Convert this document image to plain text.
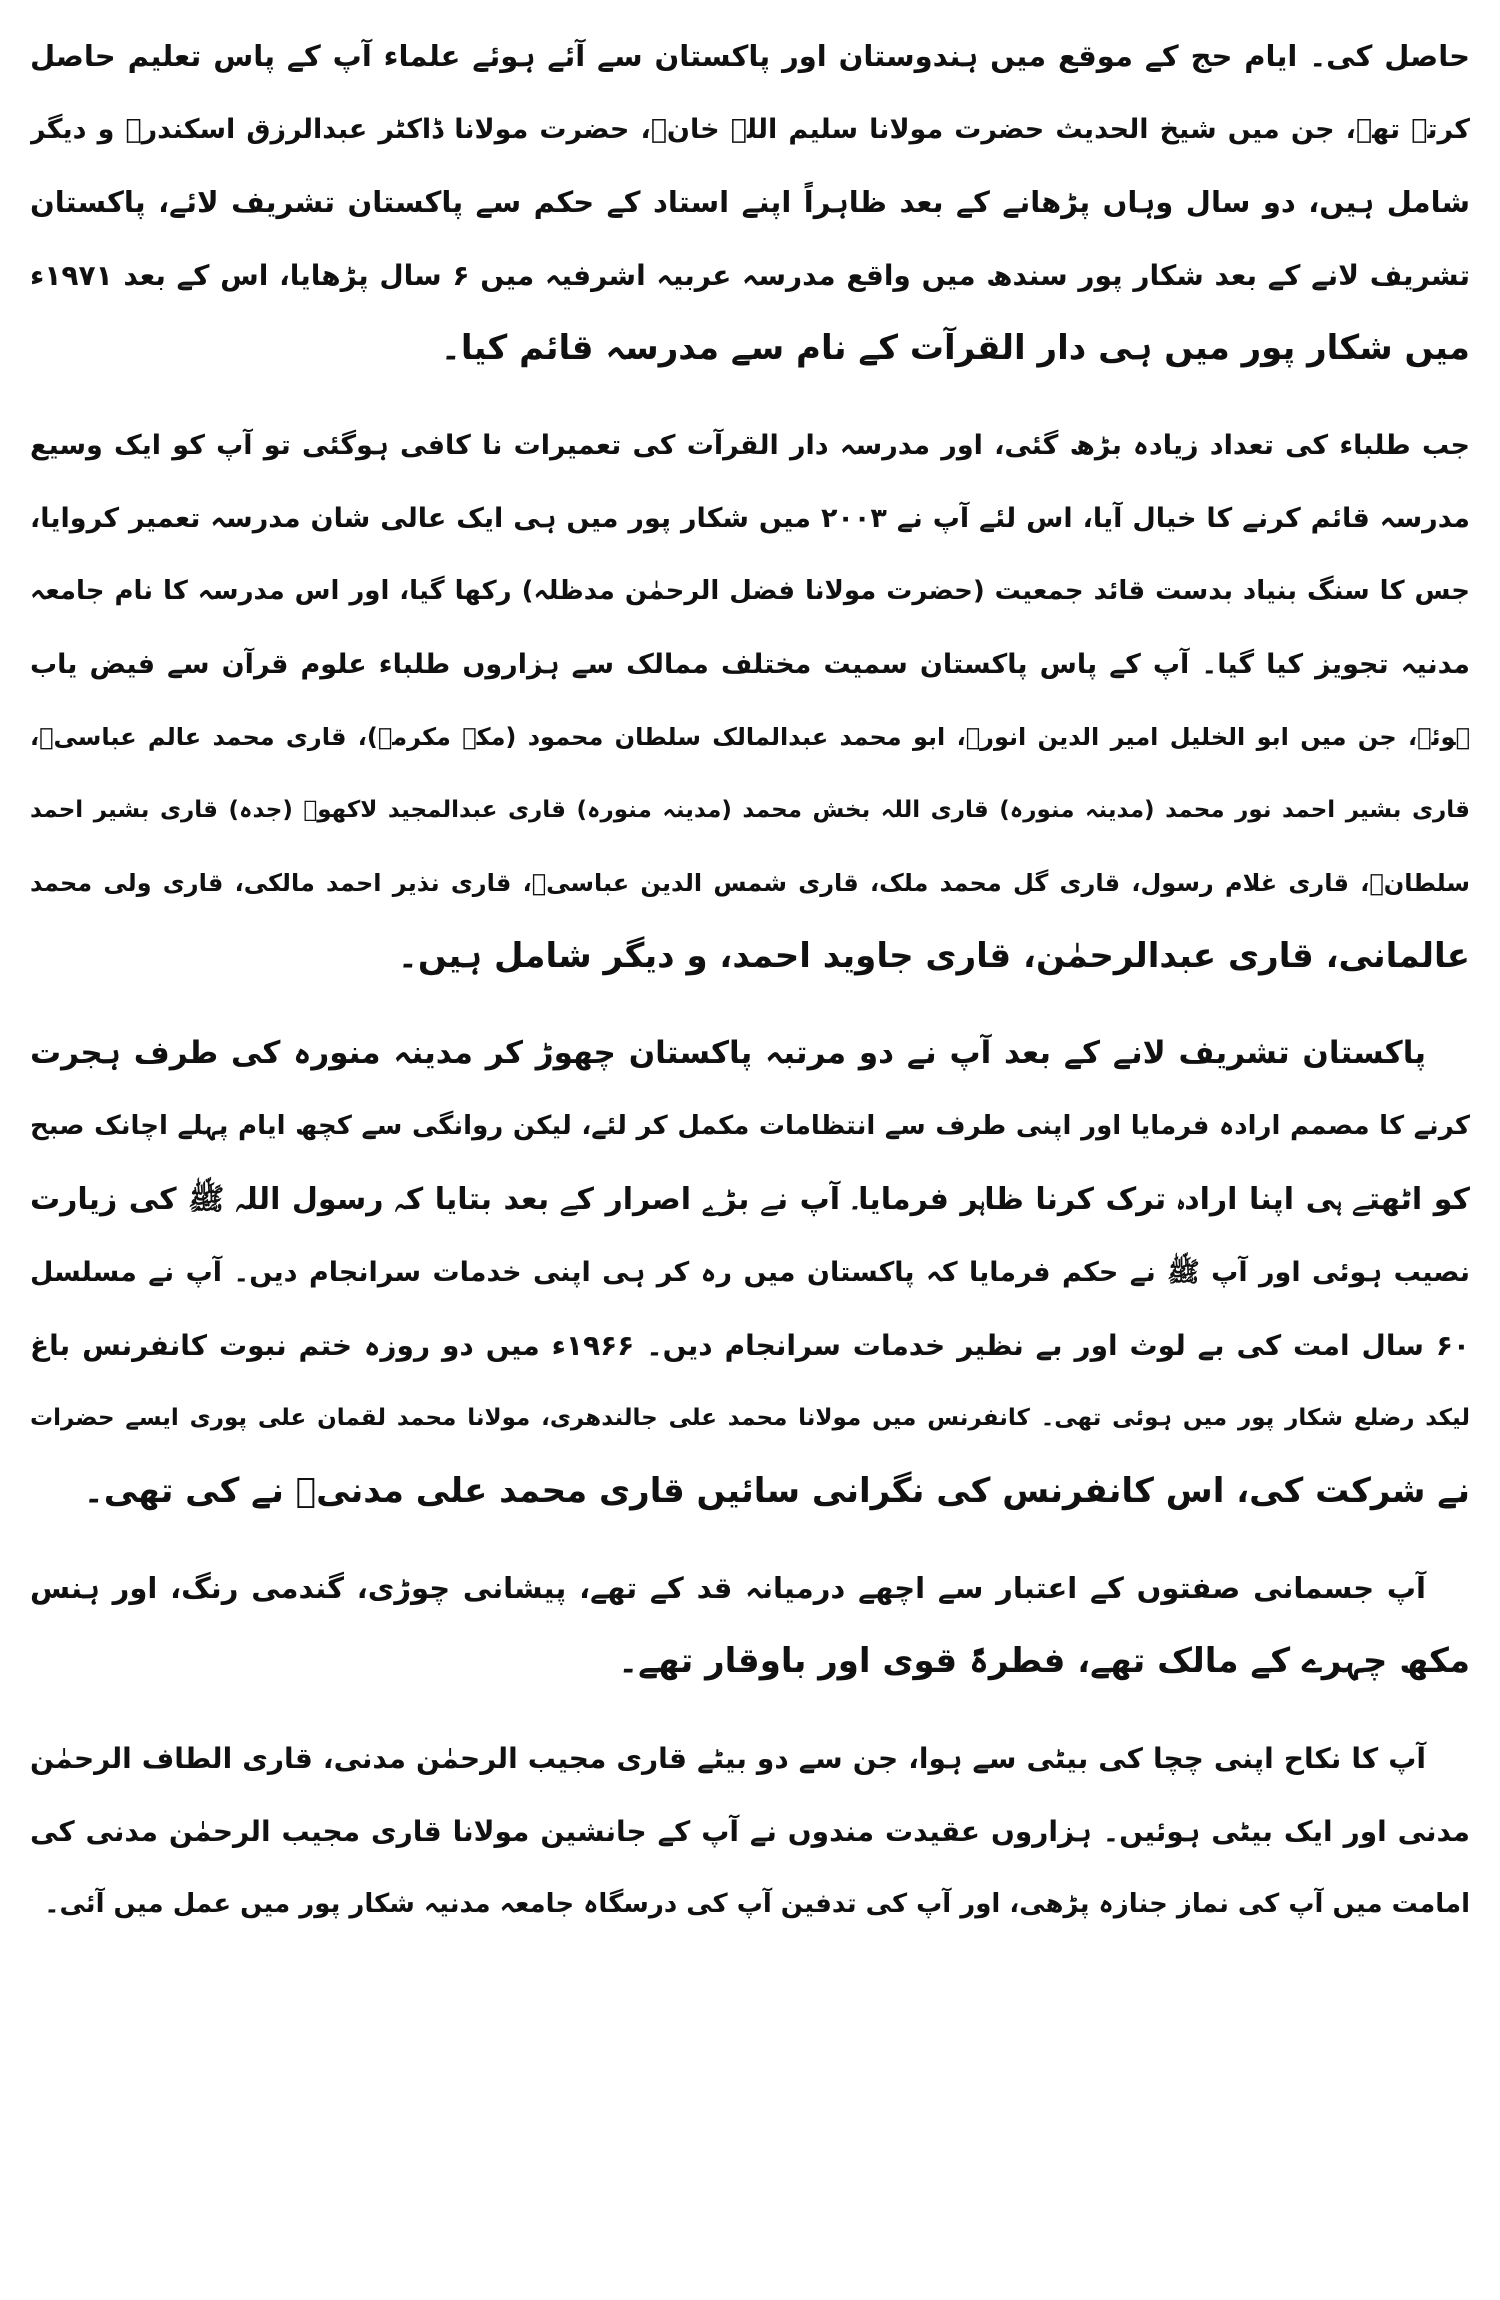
حاصل کی۔ ایام حج کے موقع میں ہندوستان اور پاکستان سے آئے ہوئے علماء آپ کے پاس تعلیم حاصل
کرتے تھے، جن میں شیخ الحدیث حضرت مولانا سلیم اللہ خانؒ، حضرت مولانا ڈاکٹر عبدالرزق اسکندرؒ و دیگر
شامل ہیں، دو سال وہاں پڑھانے کے بعد ظاہراً اپنے استاد کے حکم سے پاکستان تشریف لائے، پاکستان
تشریف لانے کے بعد شکار پور سندھ میں واقع مدرسہ عربیہ اشرفیہ میں ۶ سال پڑھایا، اس کے بعد ۱۹۷۱ء
میں شکار پور میں ہی دار القرآت کے نام سے مدرسہ قائم کیا۔
جب طلباء کی تعداد زیادہ بڑھ گئی، اور مدرسہ دار القرآت کی تعمیرات نا کافی ہوگئی تو آپ کو ایک وسیع
مدرسہ قائم کرنے کا خیال آیا، اس لئے آپ نے ۲۰۰۳ میں شکار پور میں ہی ایک عالی شان مدرسہ تعمیر کروایا،
جس کا سنگ بنیاد بدست قائد جمعیت (حضرت مولانا فضل الرحمٰن مدظلہ) رکھا گیا، اور اس مدرسہ کا نام جامعہ
مدنیہ تجویز کیا گیا۔ آپ کے پاس پاکستان سمیت مختلف ممالک سے ہزاروں طلباء علوم قرآن سے فیض یاب
ہوئے، جن میں ابو الخلیل امیر الدین انورؒ، ابو محمد عبدالمالک سلطان محمود (مکہ مکرمہ)، قاری محمد عالم عباسیؒ،
قاری بشیر احمد نور محمد (مدینہ منورہ) قاری اللہ بخش محمد (مدینہ منورہ) قاری عبدالمجید لاکھوؒ (جدہ) قاری بشیر احمد
سلطانؒ، قاری غلام رسول، قاری گل محمد ملک، قاری شمس الدین عباسیؒ، قاری نذیر احمد مالکی، قاری ولی محمد
عالمانی، قاری عبدالرحمٰن، قاری جاوید احمد، و دیگر شامل ہیں۔
پاکستان تشریف لانے کے بعد آپ نے دو مرتبہ پاکستان چھوڑ کر مدینہ منورہ کی طرف ہجرت
کرنے کا مصمم ارادہ فرمایا اور اپنی طرف سے انتظامات مکمل کر لئے، لیکن روانگی سے کچھ ایام پہلے اچانک صبح
کو اٹھتے ہی اپنا ارادہ ترک کرنا ظاہر فرمایا۔ آپ نے بڑے اصرار کے بعد بتایا کہ رسول اللہ ﷺ کی زیارت
نصیب ہوئی اور آپ ﷺ نے حکم فرمایا کہ پاکستان میں رہ کر ہی اپنی خدمات سرانجام دیں۔ آپ نے مسلسل
۶۰ سال امت کی بے لوث اور بے نظیر خدمات سرانجام دیں۔ ۱۹۶۶ء میں دو روزہ ختم نبوت کانفرنس باغ
لیکد رضلع شکار پور میں ہوئی تھی۔ کانفرنس میں مولانا محمد علی جالندھری، مولانا محمد لقمان علی پوری ایسے حضرات
نے شرکت کی، اس کانفرنس کی نگرانی سائیں قاری محمد علی مدنیؒ نے کی تھی۔
آپ جسمانی صفتوں کے اعتبار سے اچھے درمیانہ قد کے تھے، پیشانی چوڑی، گندمی رنگ، اور ہنس
مکھ چہرے کے مالک تھے، فطرۃً قوی اور باوقار تھے۔
آپ کا نکاح اپنی چچا کی بیٹی سے ہوا، جن سے دو بیٹے قاری مجیب الرحمٰن مدنی، قاری الطاف الرحمٰن
مدنی اور ایک بیٹی ہوئیں۔ ہزاروں عقیدت مندوں نے آپ کے جانشین مولانا قاری مجیب الرحمٰن مدنی کی
امامت میں آپ کی نماز جنازہ پڑھی، اور آپ کی تدفین آپ کی درسگاہ جامعہ مدنیہ شکار پور میں عمل میں آئی۔
